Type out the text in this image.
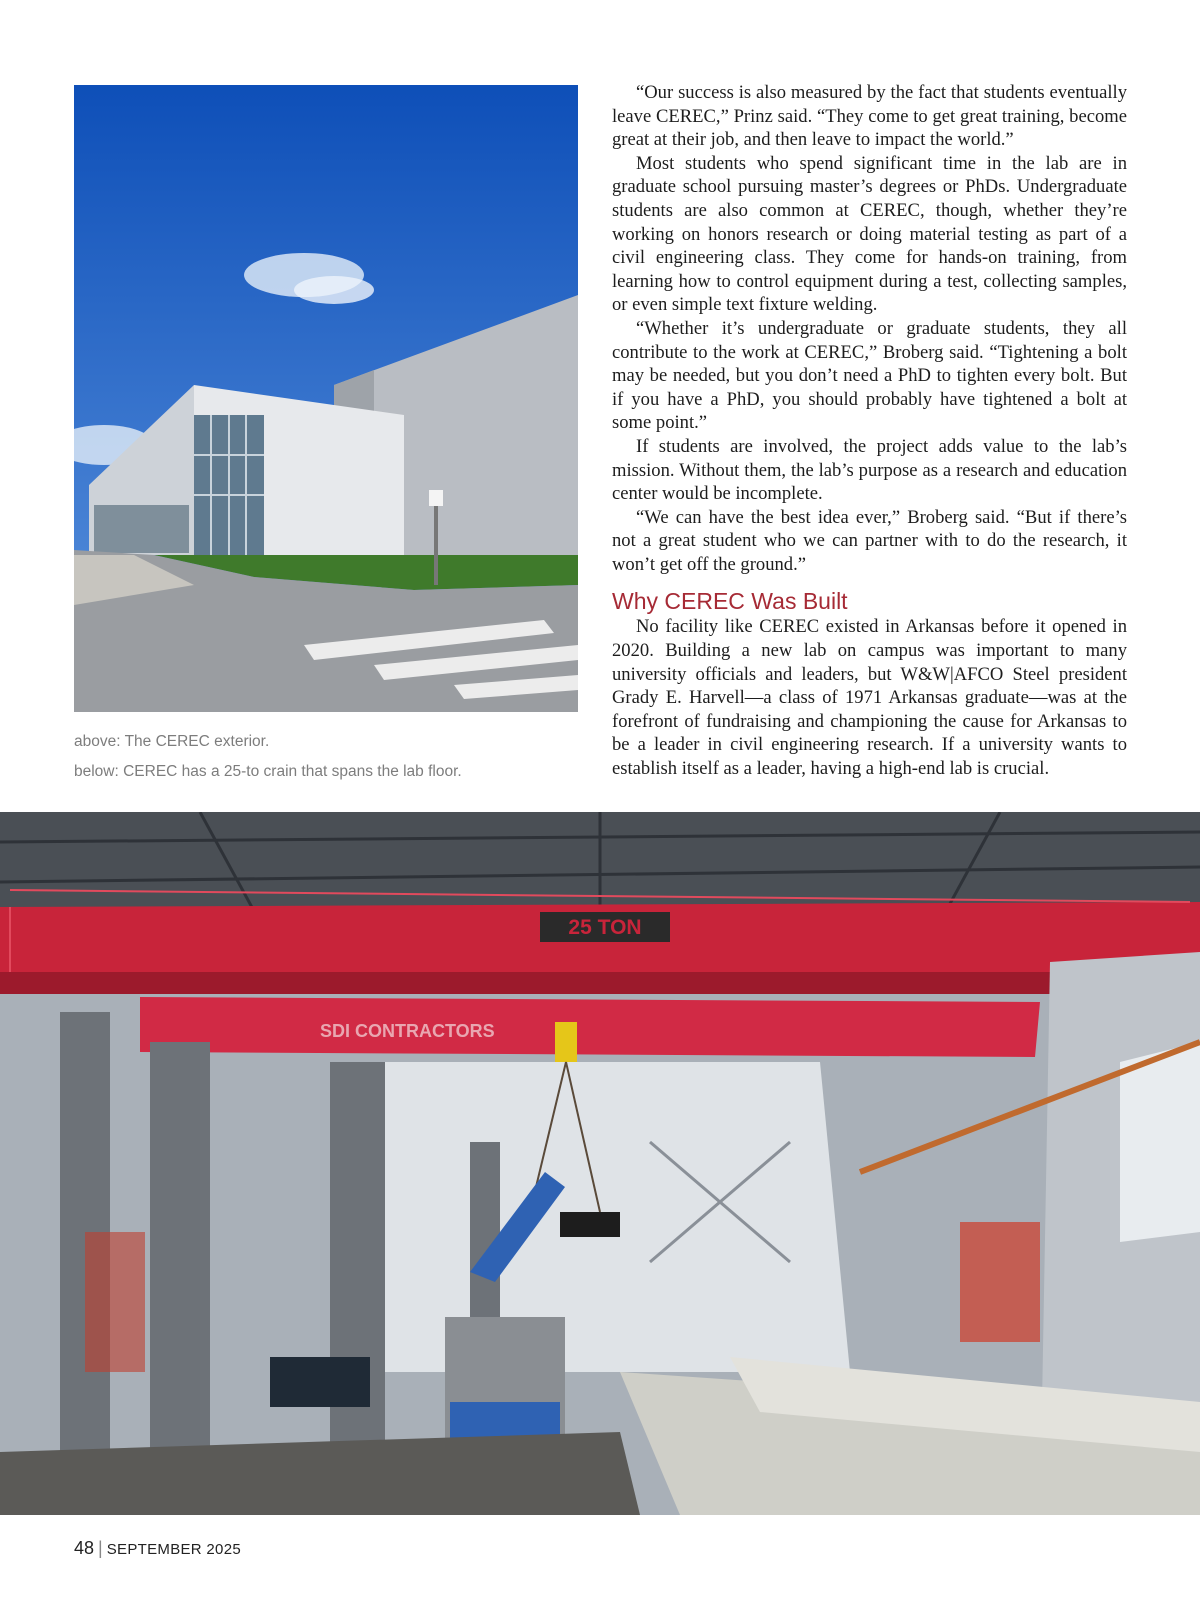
above: The CEREC exterior.

below: CEREC has a 25-to crain that spans the lab floor.

“Our success is also measured by the fact that students eventually leave CEREC,” Prinz said. “They come to get great training, become great at their job, and then leave to impact the world.”

Most students who spend significant time in the lab are in graduate school pursuing master’s degrees or PhDs. Undergraduate students are also common at CEREC, though, whether they’re working on honors research or doing material testing as part of a civil engineering class. They come for hands-on training, from learning how to control equipment during a test, collecting samples, or even simple text fixture welding.

“Whether it’s undergraduate or graduate students, they all contribute to the work at CEREC,” Broberg said. “Tightening a bolt may be needed, but you don’t need a PhD to tighten every bolt. But if you have a PhD, you should probably have tightened a bolt at some point.”

If students are involved, the project adds value to the lab’s mission. Without them, the lab’s purpose as a research and education center would be incomplete.

“We can have the best idea ever,” Broberg said. “But if there’s not a great student who we can partner with to do the research, it won’t get off the ground.”

Why CEREC Was Built

No facility like CEREC existed in Arkansas before it opened in 2020. Building a new lab on campus was important to many university officials and leaders, but W&W|AFCO Steel president Grady E. Harvell—a class of 1971 Arkansas graduate—was at the forefront of fundraising and championing the cause for Arkansas to be a leader in civil engineering research. If a university wants to establish itself as a leader, having a high-end lab is crucial.

25 TON
SDI CONTRACTORS
48 | SEPTEMBER 2025
